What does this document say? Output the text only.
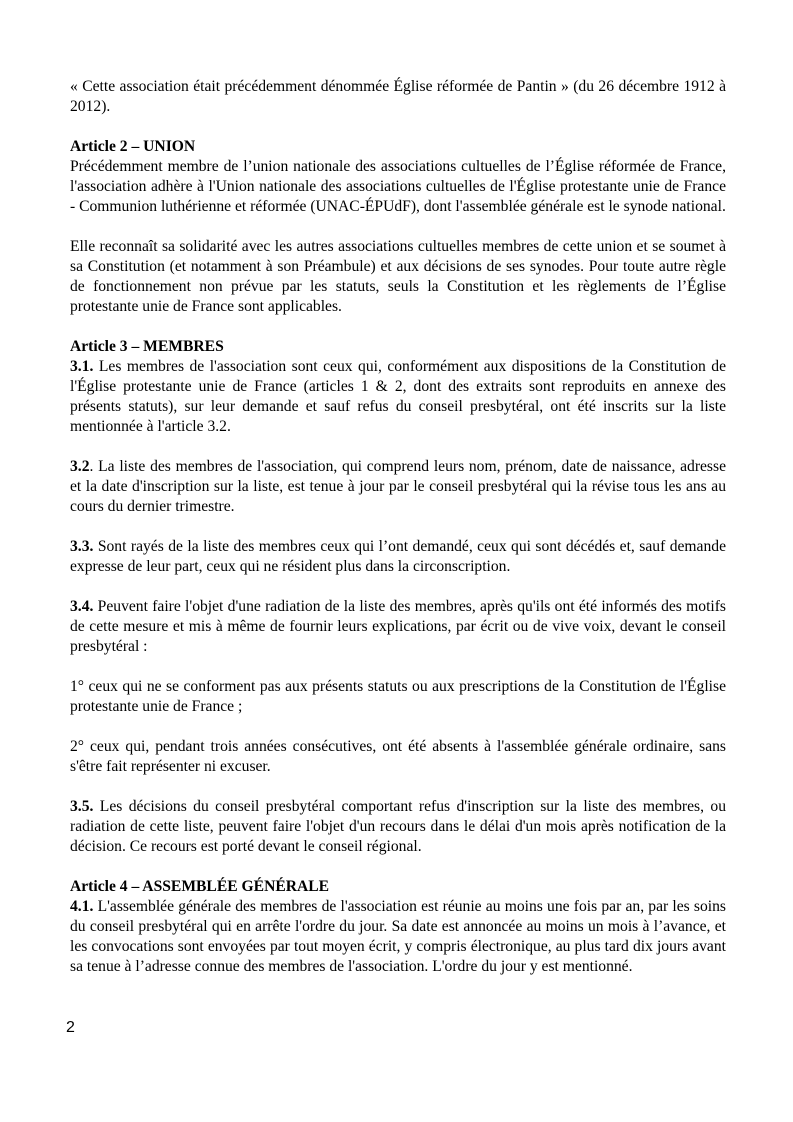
« Cette association était précédemment dénommée Église réformée de Pantin » (du 26 décembre 1912 à 2012).

Article 2 – UNION

Précédemment membre de l’union nationale des associations cultuelles de l’Église réformée de France, l'association adhère à l'Union nationale des associations cultuelles de l'Église protestante unie de France - Communion luthérienne et réformée (UNAC-ÉPUdF), dont l'assemblée générale est le synode national.

Elle reconnaît sa solidarité avec les autres associations cultuelles membres de cette union et se soumet à sa Constitution (et notamment à son Préambule) et aux décisions de ses synodes. Pour toute autre règle de fonctionnement non prévue par les statuts, seuls la Constitution et les règlements de l’Église protestante unie de France sont applicables.

Article 3 – MEMBRES

3.1. Les membres de l'association sont ceux qui, conformément aux dispositions de la Constitution de l'Église protestante unie de France (articles 1 & 2, dont des extraits sont reproduits en annexe des présents statuts), sur leur demande et sauf refus du conseil presbytéral, ont été inscrits sur la liste mentionnée à l'article 3.2.

3.2. La liste des membres de l'association, qui comprend leurs nom, prénom, date de naissance, adresse et la date d'inscription sur la liste, est tenue à jour par le conseil presbytéral qui la révise tous les ans au cours du dernier trimestre.

3.3. Sont rayés de la liste des membres ceux qui l’ont demandé, ceux qui sont décédés et, sauf demande expresse de leur part, ceux qui ne résident plus dans la circonscription.

3.4. Peuvent faire l'objet d'une radiation de la liste des membres, après qu'ils ont été informés des motifs de cette mesure et mis à même de fournir leurs explications, par écrit ou de vive voix, devant le conseil presbytéral :

1° ceux qui ne se conforment pas aux présents statuts ou aux prescriptions de la Constitution de l'Église protestante unie de France ;

2° ceux qui, pendant trois années consécutives, ont été absents à l'assemblée générale ordinaire, sans s'être fait représenter ni excuser.

3.5. Les décisions du conseil presbytéral comportant refus d'inscription sur la liste des membres, ou radiation de cette liste, peuvent faire l'objet d'un recours dans le délai d'un mois après notification de la décision. Ce recours est porté devant le conseil régional.

Article 4 – ASSEMBLÉE GÉNÉRALE

4.1. L'assemblée générale des membres de l'association est réunie au moins une fois par an, par les soins du conseil presbytéral qui en arrête l'ordre du jour. Sa date est annoncée au moins un mois à l’avance, et les convocations sont envoyées par tout moyen écrit, y compris électronique, au plus tard dix jours avant sa tenue à l’adresse connue des membres de l'association. L'ordre du jour y est mentionné.

2
